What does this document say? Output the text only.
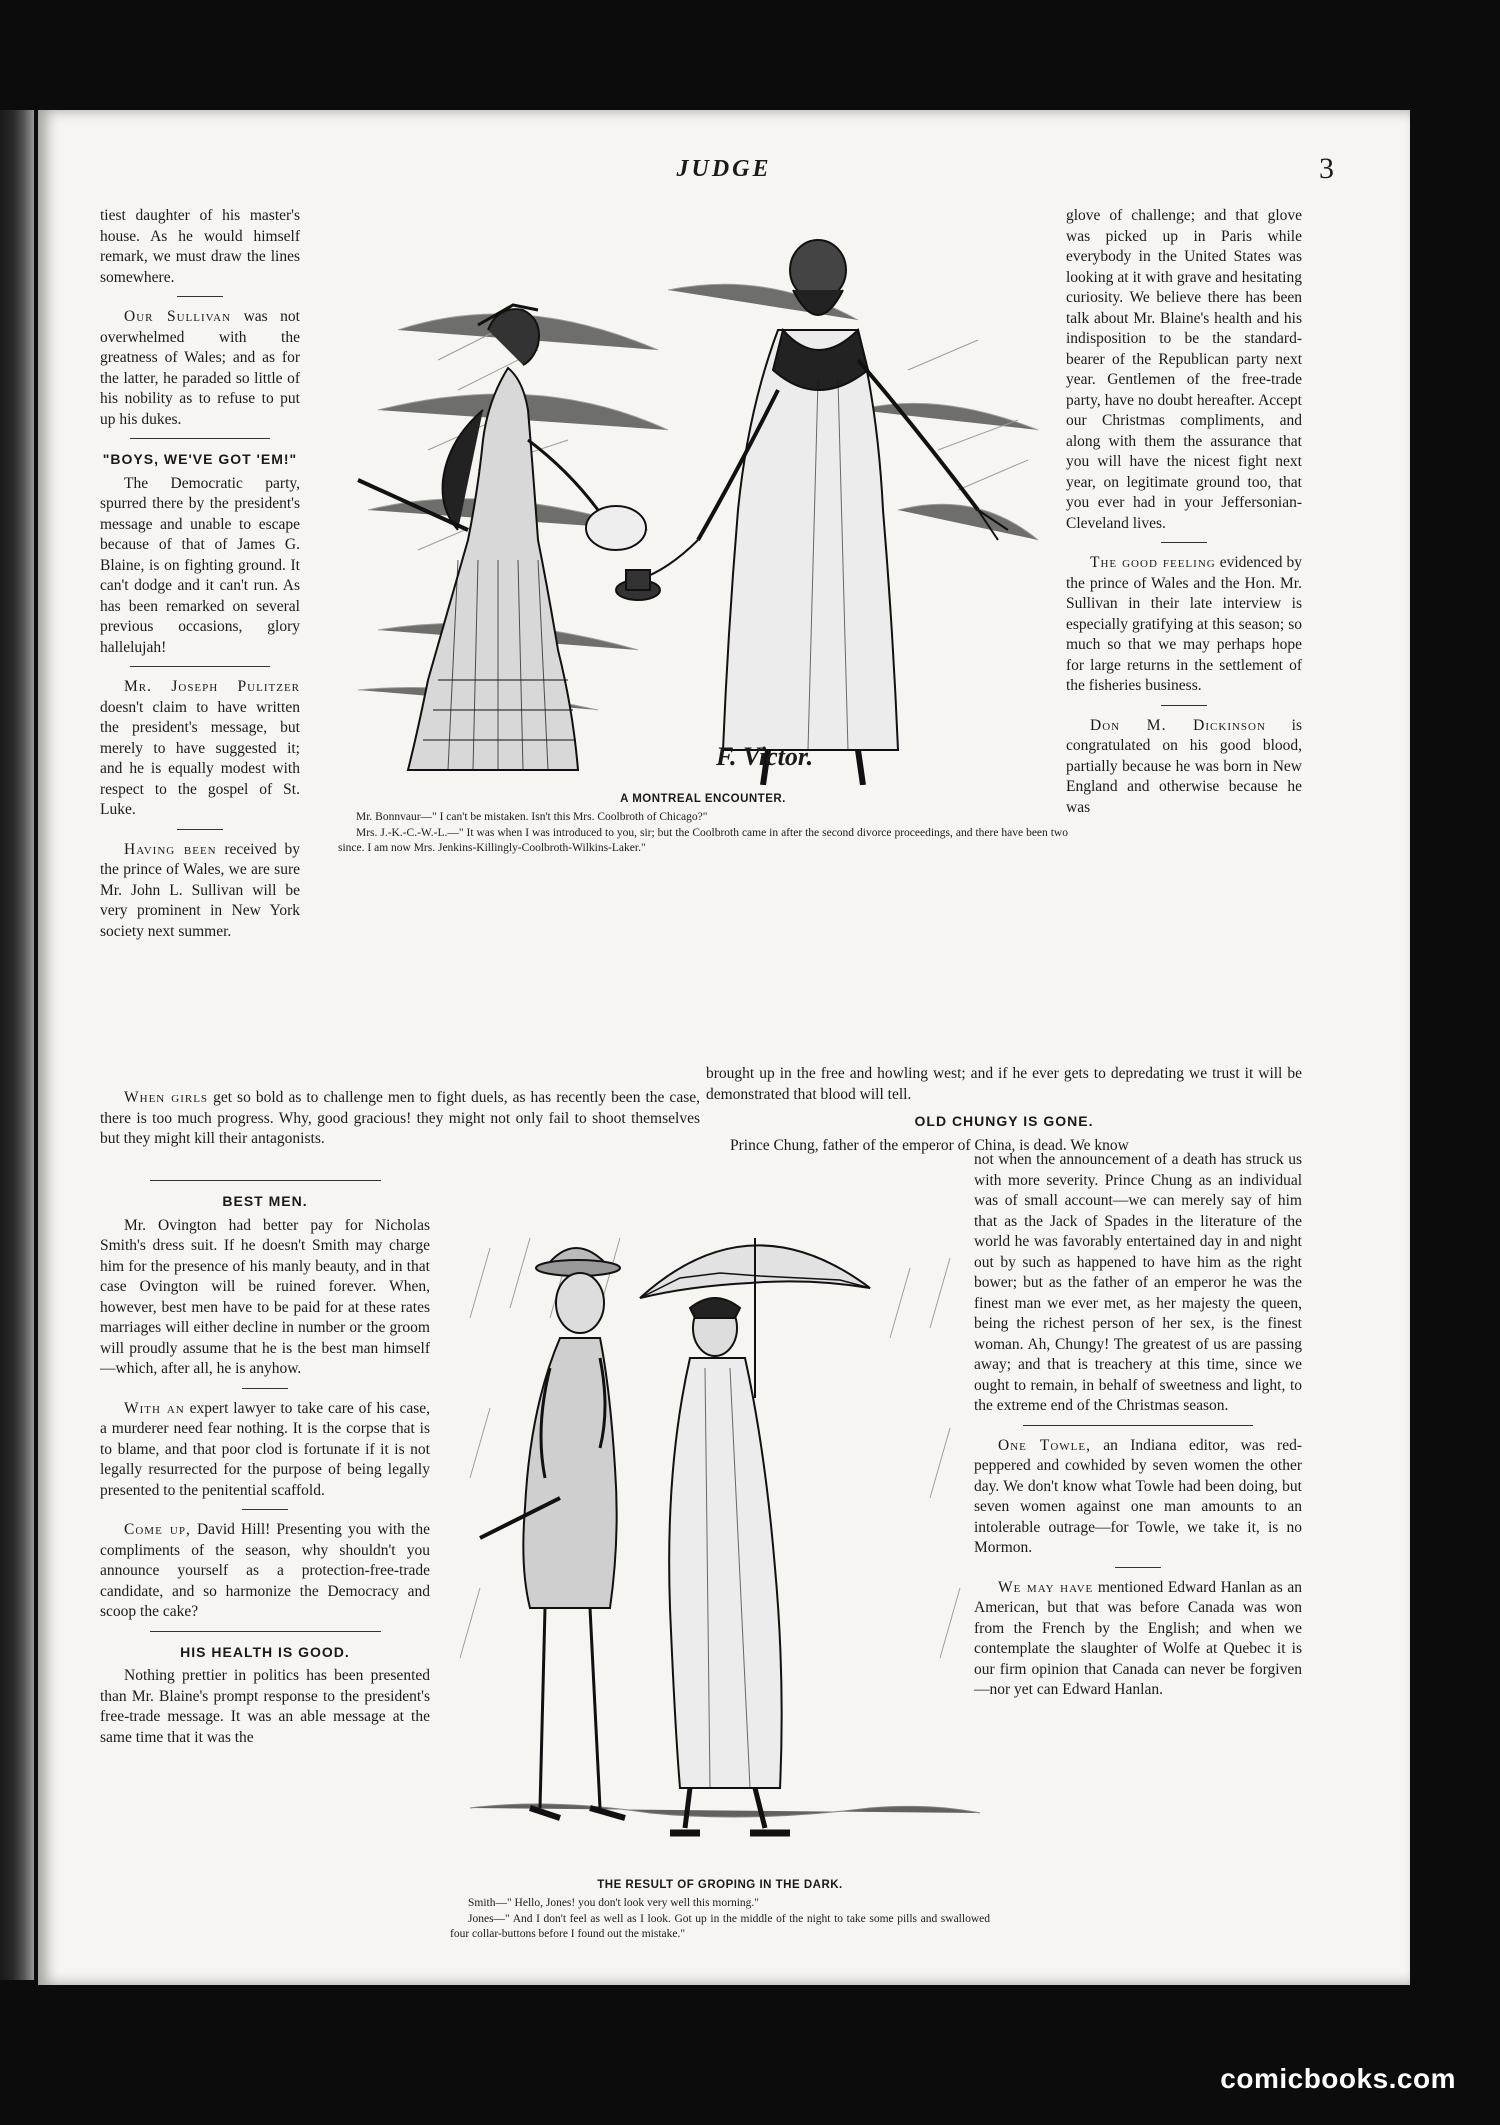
JUDGE	3

tiest daughter of his master's house. As he would himself remark, we must draw the lines somewhere.

Our Sullivan was not overwhelmed with the greatness of Wales; and as for the latter, he paraded so little of his nobility as to refuse to put up his dukes.

"BOYS, WE'VE GOT 'EM!"

The Democratic party, spurred there by the president's message and unable to escape because of that of James G. Blaine, is on fighting ground. It can't dodge and it can't run. As has been remarked on several previous occasions, glory hallelujah!

Mr. Joseph Pulitzer doesn't claim to have written the president's message, but merely to have suggested it; and he is equally modest with respect to the gospel of St. Luke.

Having been received by the prince of Wales, we are sure Mr. John L. Sullivan will be very prominent in New York society next summer.

F. Victor.
A MONTREAL ENCOUNTER.

Mr. Bonnvaur—" I can't be mistaken. Isn't this Mrs. Coolbroth of Chicago?"

Mrs. J.-K.-C.-W.-L.—" It was when I was introduced to you, sir; but the Coolbroth came in after the second divorce proceedings, and there have been two since. I am now Mrs. Jenkins-Killingly-Coolbroth-Wilkins-Laker."

glove of challenge; and that glove was picked up in Paris while everybody in the United States was looking at it with grave and hesitating curiosity. We believe there has been talk about Mr. Blaine's health and his indisposition to be the standard-bearer of the Republican party next year. Gentlemen of the free-trade party, have no doubt hereafter. Accept our Christmas compliments, and along with them the assurance that you will have the nicest fight next year, on legitimate ground too, that you ever had in your Jeffersonian-Cleveland lives.

The good feeling evidenced by the prince of Wales and the Hon. Mr. Sullivan in their late interview is especially gratifying at this season; so much so that we may perhaps hope for large returns in the settlement of the fisheries business.

Don M. Dickinson is congratulated on his good blood, partially because he was born in New England and otherwise because he was

brought up in the free and howling west; and if he ever gets to depredating we trust it will be demonstrated that blood will tell.

OLD CHUNGY IS GONE.

Prince Chung, father of the emperor of China, is dead. We know

When girls get so bold as to challenge men to fight duels, as has recently been the case, there is too much progress. Why, good gracious! they might not only fail to shoot themselves but they might kill their antagonists.

BEST MEN.

Mr. Ovington had better pay for Nicholas Smith's dress suit. If he doesn't Smith may charge him for the presence of his manly beauty, and in that case Ovington will be ruined forever. When, however, best men have to be paid for at these rates marriages will either decline in number or the groom will proudly assume that he is the best man himself—which, after all, he is anyhow.

With an expert lawyer to take care of his case, a murderer need fear nothing. It is the corpse that is to blame, and that poor clod is fortunate if it is not legally resurrected for the purpose of being legally presented to the penitential scaffold.

Come up, David Hill! Presenting you with the compliments of the season, why shouldn't you announce yourself as a protection-free-trade candidate, and so harmonize the Democracy and scoop the cake?

HIS HEALTH IS GOOD.

Nothing prettier in politics has been presented than Mr. Blaine's prompt response to the president's free-trade message. It was an able message at the same time that it was the

THE RESULT OF GROPING IN THE DARK.

Smith—" Hello, Jones! you don't look very well this morning."

Jones—" And I don't feel as well as I look. Got up in the middle of the night to take some pills and swallowed four collar-buttons before I found out the mistake."

not when the announcement of a death has struck us with more severity. Prince Chung as an individual was of small account—we can merely say of him that as the Jack of Spades in the literature of the world he was favorably entertained day in and night out by such as happened to have him as the right bower; but as the father of an emperor he was the finest man we ever met, as her majesty the queen, being the richest person of her sex, is the finest woman. Ah, Chungy! The greatest of us are passing away; and that is treachery at this time, since we ought to remain, in behalf of sweetness and light, to the extreme end of the Christmas season.

One Towle, an Indiana editor, was red-peppered and cowhided by seven women the other day. We don't know what Towle had been doing, but seven women against one man amounts to an intolerable outrage—for Towle, we take it, is no Mormon.

We may have mentioned Edward Hanlan as an American, but that was before Canada was won from the French by the English; and when we contemplate the slaughter of Wolfe at Quebec it is our firm opinion that Canada can never be forgiven—nor yet can Edward Hanlan.

comicbooks.com
